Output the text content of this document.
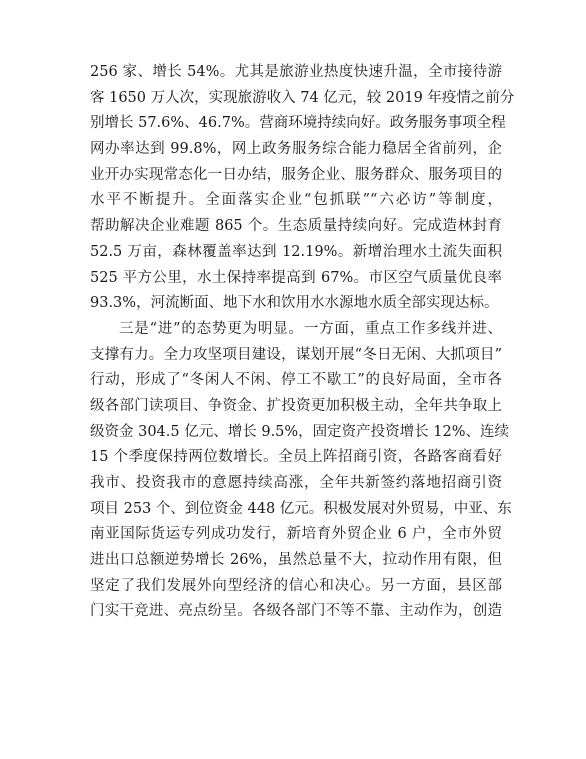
256 家、增长 54%。尤其是旅游业热度快速升温，全市接待游
客 1650 万人次，实现旅游收入 74 亿元，较 2019 年疫情之前分
别增长 57.6%、46.7%。营商环境持续向好。政务服务事项全程
网办率达到 99.8%，网上政务服务综合能力稳居全省前列，企
业开办实现常态化一日办结，服务企业、服务群众、服务项目的
水平不断提升。全面落实企业“包抓联”“六必访”等制度，
帮助解决企业难题 865 个。生态质量持续向好。完成造林封育
52.5 万亩，森林覆盖率达到 12.19%。新增治理水土流失面积
525 平方公里，水土保持率提高到 67%。市区空气质量优良率
93.3%，河流断面、地下水和饮用水水源地水质全部实现达标。
三是“进”的态势更为明显。一方面，重点工作多线并进、
支撑有力。全力攻坚项目建设，谋划开展“冬日无闲、大抓项目”
行动，形成了“冬闲人不闲、停工不歇工”的良好局面，全市各
级各部门读项目、争资金、扩投资更加积极主动，全年共争取上
级资金 304.5 亿元、增长 9.5%，固定资产投资增长 12%、连续
15 个季度保持两位数增长。全员上阵招商引资，各路客商看好
我市、投资我市的意愿持续高涨，全年共新签约落地招商引资
项目 253 个、到位资金 448 亿元。积极发展对外贸易，中亚、东
南亚国际货运专列成功发行，新培育外贸企业 6 户，全市外贸
进出口总额逆势增长 26%，虽然总量不大，拉动作用有限，但
坚定了我们发展外向型经济的信心和决心。另一方面，县区部
门实干竞进、亮点纷呈。各级各部门不等不靠、主动作为，创造
